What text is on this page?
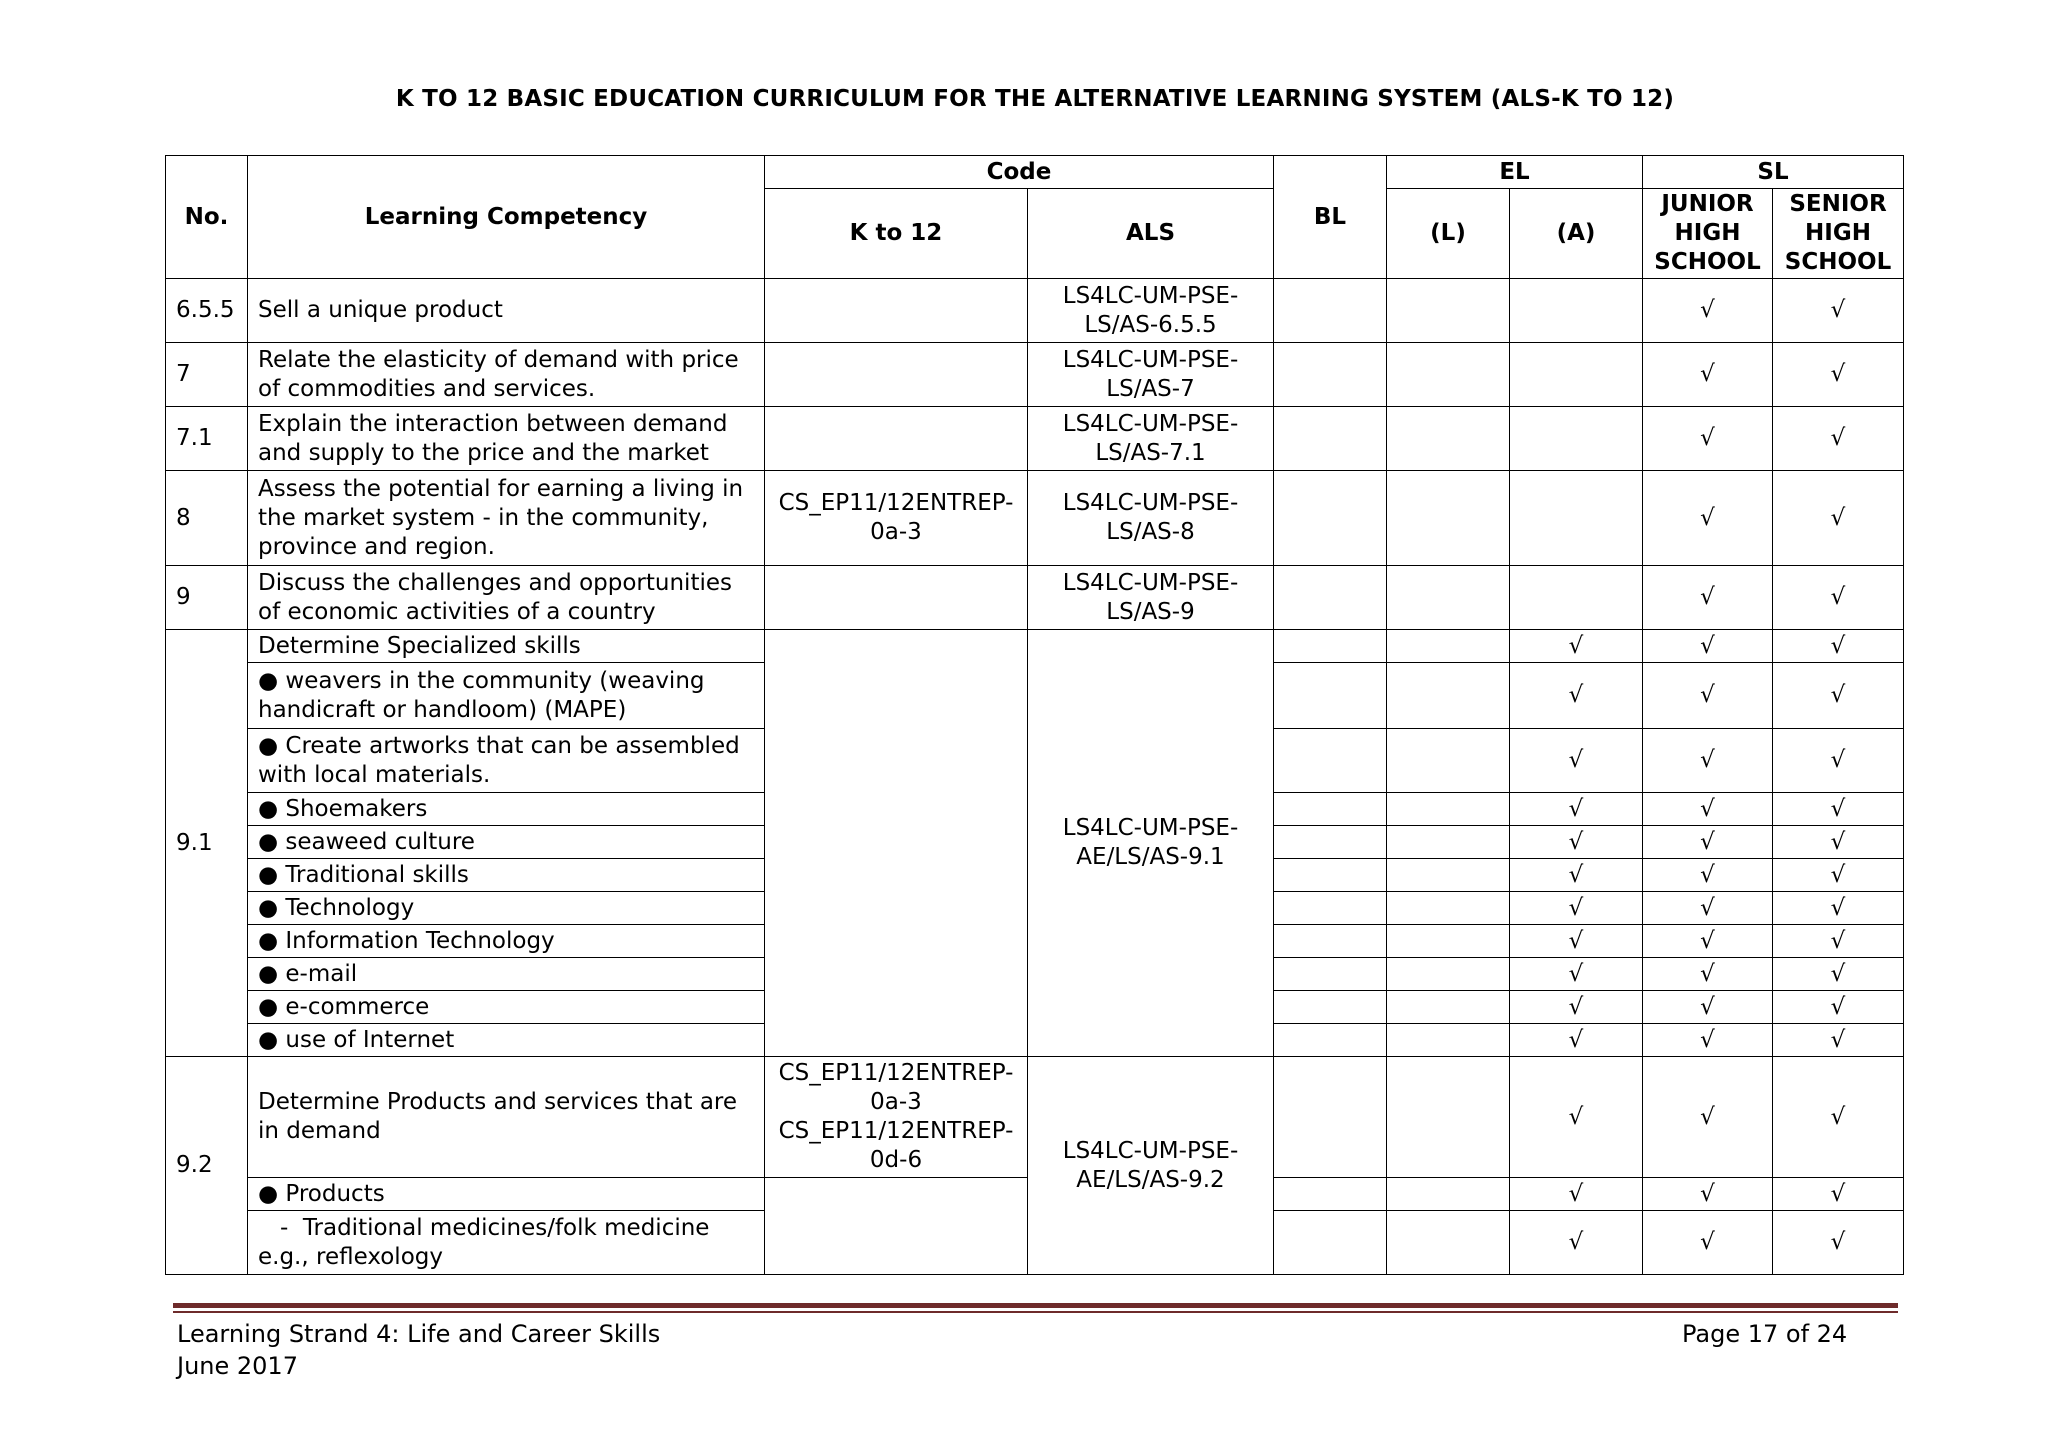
K TO 12 BASIC EDUCATION CURRICULUM FOR THE ALTERNATIVE LEARNING SYSTEM (ALS-K TO 12)
No.	Learning Competency	Code		BL	EL		SL	
		K to 12	ALS		(L)	(A)	JUNIOR HIGH SCHOOL	SENIOR HIGH SCHOOL
6.5.5	Sell a unique product		LS4LC-UM-PSE-LS/AS-6.5.5				√	√
7	Relate the elasticity of demand with price of commodities and services.		LS4LC-UM-PSE-LS/AS-7				√	√
7.1	Explain the interaction between demand and supply to the price and the market		LS4LC-UM-PSE-LS/AS-7.1				√	√
8	Assess the potential for earning a living in the market system - in the community, province and region.	CS_EP11/12ENTREP-0a-3	LS4LC-UM-PSE-LS/AS-8				√	√
9	Discuss the challenges and opportunities of economic activities of a country		LS4LC-UM-PSE-LS/AS-9				√	√
9.1	Determine Specialized skills		LS4LC-UM-PSE-AE/LS/AS-9.1			√	√	√
	● weavers in the community (weaving handicraft or handloom) (MAPE)					√	√	√
	● Create artworks that can be assembled with local materials.					√	√	√
	● Shoemakers					√	√	√
	● seaweed culture					√	√	√
	● Traditional skills					√	√	√
	● Technology					√	√	√
	● Information Technology					√	√	√
	● e-mail					√	√	√
	● e-commerce					√	√	√
	● use of Internet					√	√	√
9.2	Determine Products and services that are in demand	CS_EP11/12ENTREP-0a-3 CS_EP11/12ENTREP-0d-6	LS4LC-UM-PSE-AE/LS/AS-9.2			√	√	√
	● Products					√	√	√
	-  Traditional medicines/folk medicine e.g., reflexology					√	√	√
Learning Strand 4: Life and Career Skills
June 2017
Page 17 of 24
